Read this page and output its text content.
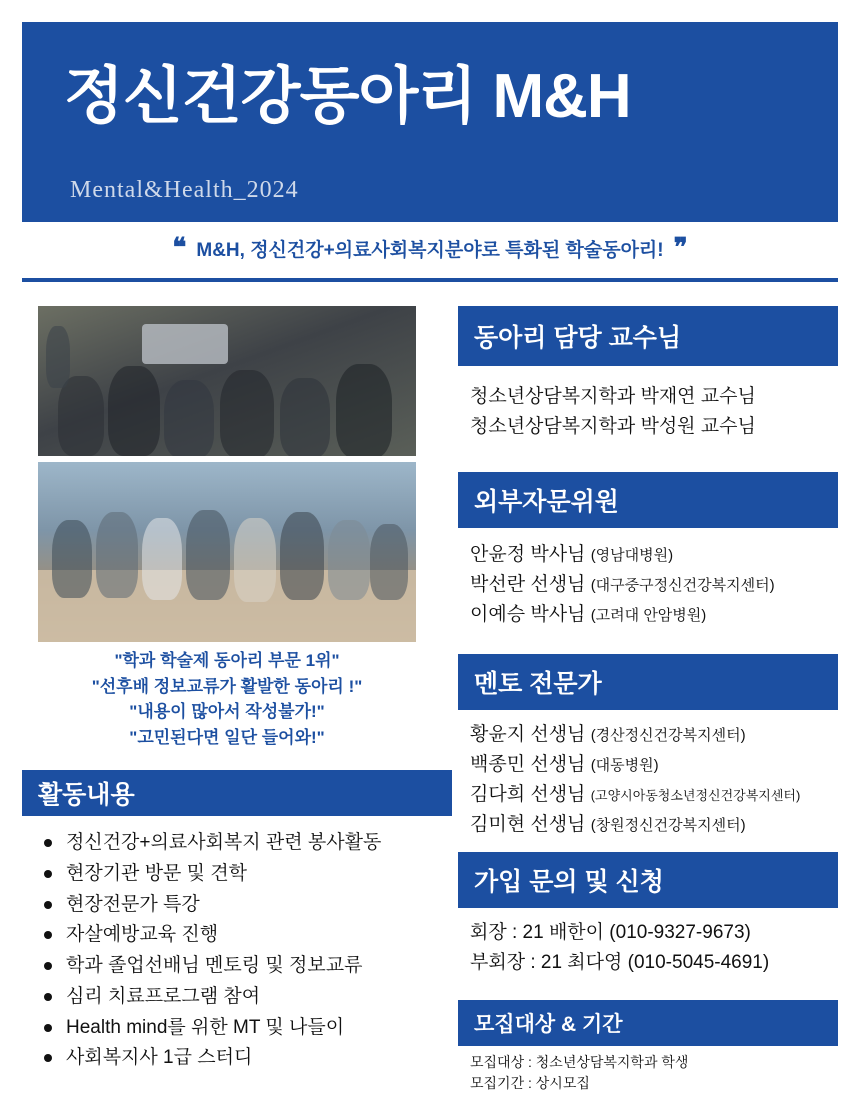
정신건강동아리 M&H
Mental&Health_2024
❝ M&H, 정신건강+의료사회복지분야로 특화된 학술동아리! ❞
"학과 학술제 동아리 부문 1위"
"선후배 정보교류가 활발한 동아리 !"
"내용이 많아서 작성불가!"
"고민된다면 일단 들어와!"
활동내용
정신건강+의료사회복지 관련 봉사활동
현장기관 방문 및 견학
현장전문가 특강
자살예방교육 진행
학과 졸업선배님 멘토링 및 정보교류
심리 치료프로그램 참여
Health mind를 위한 MT 및 나들이
사회복지사 1급 스터디
동아리 담당 교수님
청소년상담복지학과 박재연 교수님
청소년상담복지학과 박성원 교수님
외부자문위원
안윤정 박사님 (영남대병원)
박선란 선생님 (대구중구정신건강복지센터)
이예승 박사님 (고려대 안암병원)
멘토 전문가
황윤지 선생님 (경산정신건강복지센터)
백종민 선생님 (대동병원)
김다희 선생님 (고양시아동청소년정신건강복지센터)
김미현 선생님 (창원정신건강복지센터)
가입 문의 및 신청
회장 : 21 배한이 (010-9327-9673)
부회장 : 21 최다영 (010-5045-4691)
모집대상 & 기간
모집대상 : 청소년상담복지학과 학생
모집기간 : 상시모집
